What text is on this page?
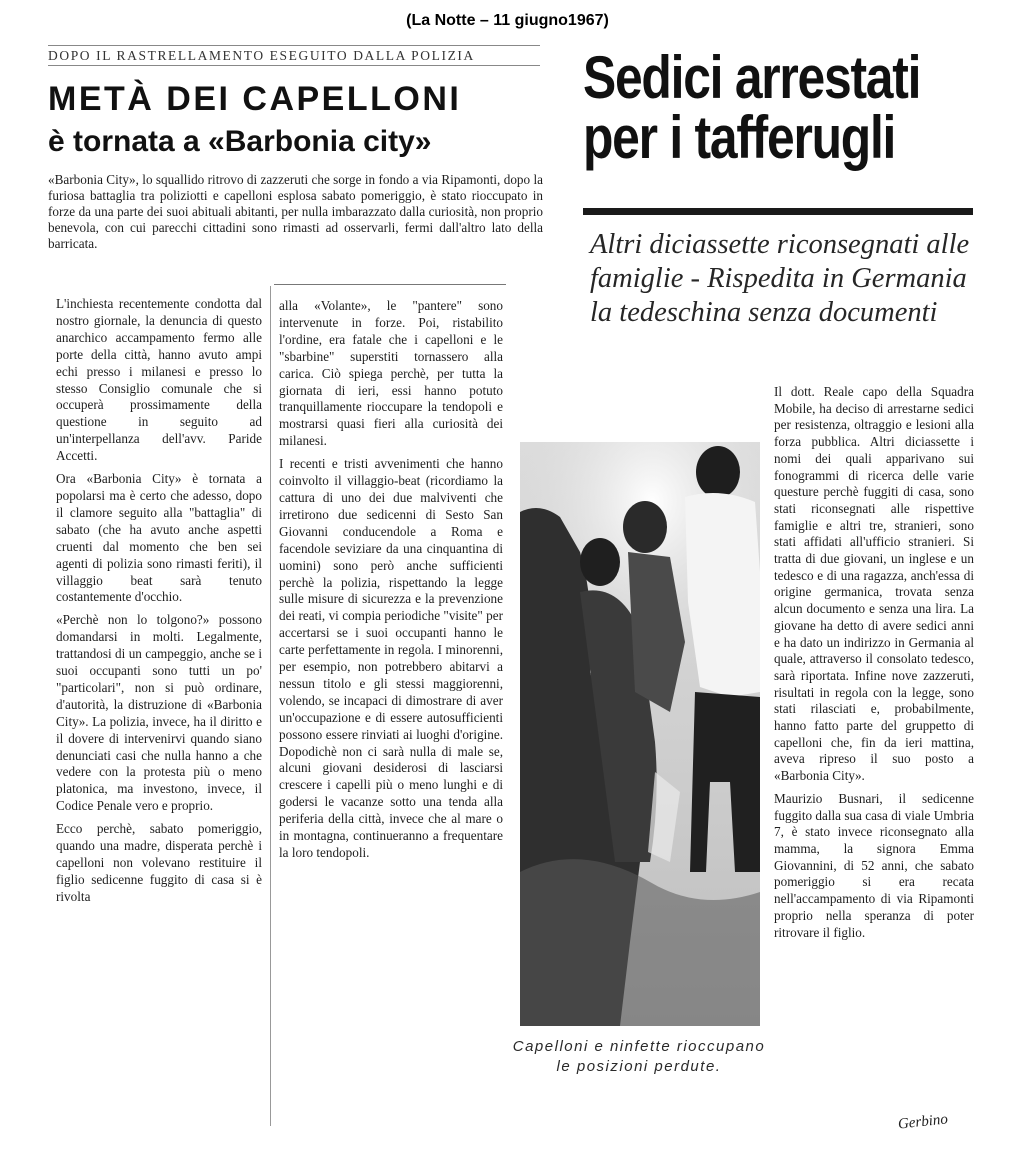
(La Notte – 11 giugno1967)
DOPO IL RASTRELLAMENTO ESEGUITO DALLA POLIZIA
METÀ DEI CAPELLONI
è tornata a «Barbonia city»
«Barbonia City», lo squallido ritrovo di zazzeruti che sorge in fondo a via Ripamonti, dopo la furiosa battaglia tra poliziotti e capelloni esplosa sabato pomeriggio, è stato rioccupato in forze da una parte dei suoi abituali abitanti, per nulla imbarazzato dalla curiosità, non proprio benevola, con cui parecchi cittadini sono rimasti ad osservarli, fermi dall'altro lato della barricata.

L'inchiesta recentemente condotta dal nostro giornale, la denuncia di questo anarchico accampamento fermo alle porte della città, hanno avuto ampi echi presso i milanesi e presso lo stesso Consiglio comunale che si occuperà prossimamente della questione in seguito ad un'interpellanza dell'avv. Paride Accetti.

Ora «Barbonia City» è tornata a popolarsi ma è certo che adesso, dopo il clamore seguito alla "battaglia" di sabato (che ha avuto anche aspetti cruenti dal momento che ben sei agenti di polizia sono rimasti feriti), il villaggio beat sarà tenuto costantemente d'occhio.

«Perchè non lo tolgono?» possono domandarsi in molti. Legalmente, trattandosi di un campeggio, anche se i suoi occupanti sono tutti un po' "particolari", non si può ordinare, d'autorità, la distruzione di «Barbonia City». La polizia, invece, ha il diritto e il dovere di intervenirvi quando siano denunciati casi che nulla hanno a che vedere con la protesta più o meno platonica, ma investono, invece, il Codice Penale vero e proprio.

Ecco perchè, sabato pomeriggio, quando una madre, disperata perchè i capelloni non volevano restituire il figlio sedicenne fuggito di casa si è rivolta

alla «Volante», le "pantere" sono intervenute in forze. Poi, ristabilito l'ordine, era fatale che i capelloni e le "sbarbine" superstiti tornassero alla carica. Ciò spiega perchè, per tutta la giornata di ieri, essi hanno potuto tranquillamente rioccupare la tendopoli e mostrarsi quasi fieri alla curiosità dei milanesi.

I recenti e tristi avvenimenti che hanno coinvolto il villaggio-beat (ricordiamo la cattura di uno dei due malviventi che irretirono due sedicenni di Sesto San Giovanni conducendole a Roma e facendole seviziare da una cinquantina di uomini) sono però anche sufficienti perchè la polizia, rispettando la legge sulle misure di sicurezza e la prevenzione dei reati, vi compia periodiche "visite" per accertarsi se i suoi occupanti hanno le carte perfettamente in regola. I minorenni, per esempio, non potrebbero abitarvi a nessun titolo e gli stessi maggiorenni, volendo, se incapaci di dimostrare di aver un'occupazione e di essere autosufficienti possono essere rinviati ai luoghi d'origine. Dopodichè non ci sarà nulla di male se, alcuni giovani desiderosi di lasciarsi crescere i capelli più o meno lunghi e di godersi le vacanze sotto una tenda alla periferia della città, invece che al mare o in montagna, continueranno a frequentare la loro tendopoli.

Sedici arrestati
per i tafferugli
Altri diciassette riconsegnati alle famiglie - Rispedita in Germania la tedeschina senza documenti
Capelloni e ninfette rioccupano le posizioni perdute.

Il dott. Reale capo della Squadra Mobile, ha deciso di arrestarne sedici per resistenza, oltraggio e lesioni alla forza pubblica. Altri diciassette i nomi dei quali apparivano sui fonogrammi di ricerca delle varie questure perchè fuggiti di casa, sono stati riconsegnati alle rispettive famiglie e altri tre, stranieri, sono stati affidati all'ufficio stranieri. Si tratta di due giovani, un inglese e un tedesco e di una ragazza, anch'essa di origine germanica, trovata senza alcun documento e senza una lira. La giovane ha detto di avere sedici anni e ha dato un indirizzo in Germania al quale, attraverso il consolato tedesco, sarà riportata. Infine nove zazzeruti, risultati in regola con la legge, sono stati rilasciati e, probabilmente, hanno fatto parte del gruppetto di capelloni che, fin da ieri mattina, aveva ripreso il suo posto a «Barbonia City».

Maurizio Busnari, il sedicenne fuggito dalla sua casa di viale Umbria 7, è stato invece riconsegnato alla mamma, la signora Emma Giovannini, di 52 anni, che sabato pomeriggio si era recata nell'accampamento di via Ripamonti proprio nella speranza di poter ritrovare il figlio.

Gerbino
